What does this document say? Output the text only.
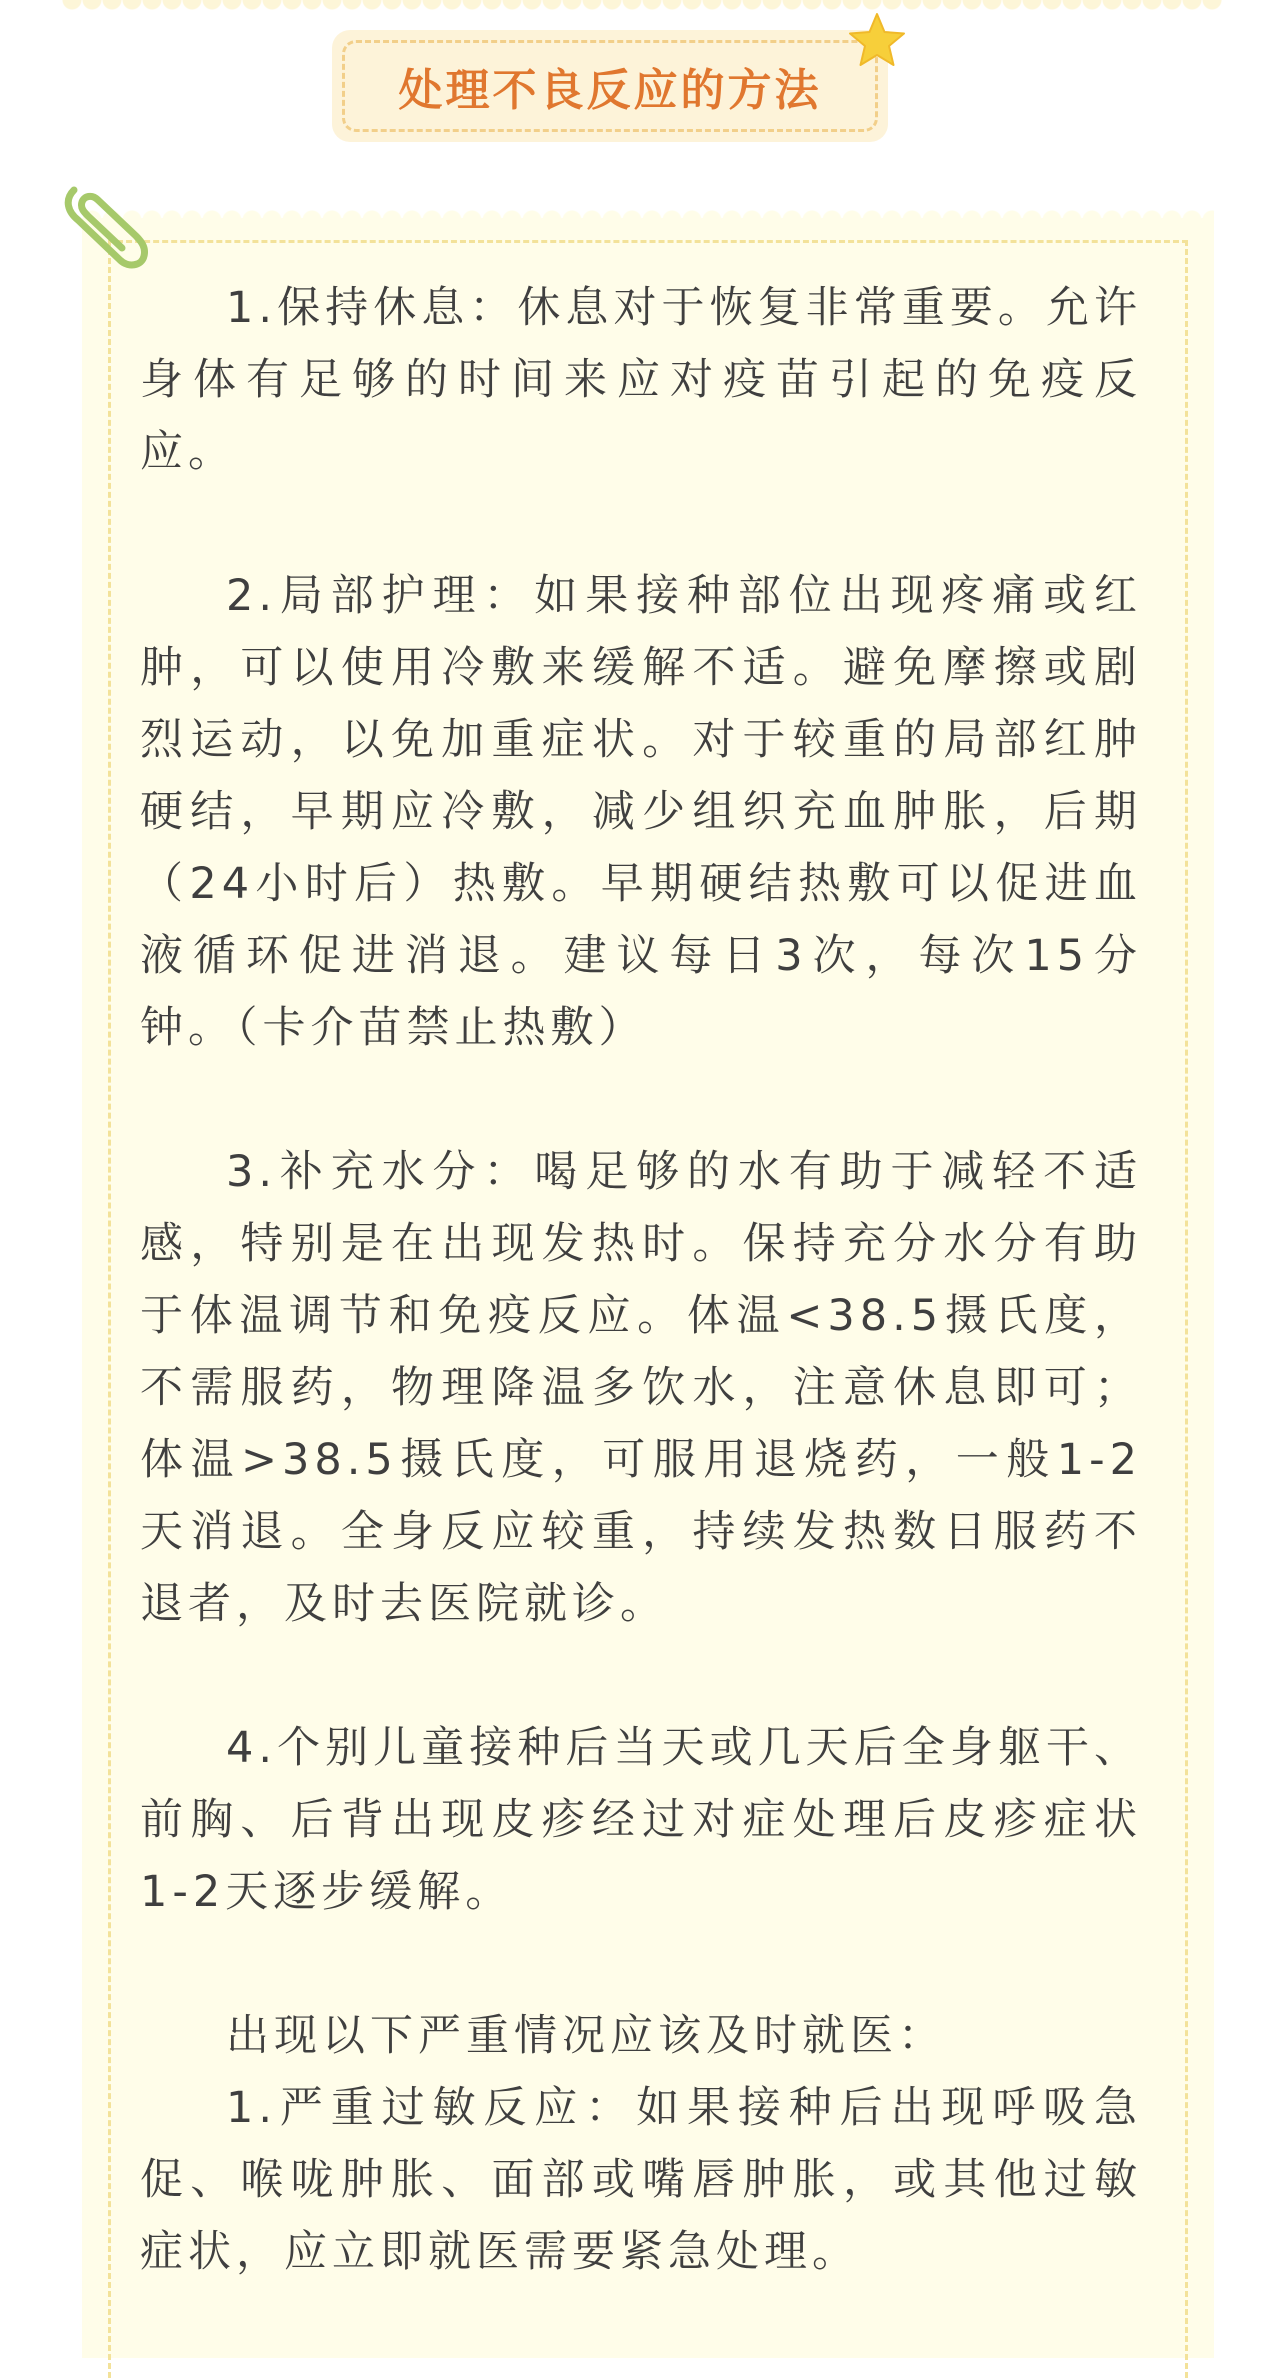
处理不良反应的方法

1.保持休息：休息对于恢复非常重要。允许身体有足够的时间来应对疫苗引起的免疫反应。

2.局部护理：如果接种部位出现疼痛或红肿，可以使用冷敷来缓解不适。避免摩擦或剧烈运动，以免加重症状。对于较重的局部红肿硬结，早期应冷敷，减少组织充血肿胀，后期（24小时后）热敷。早期硬结热敷可以促进血液循环促进消退。建议每日3次，每次15分钟。（卡介苗禁止热敷）

3.补充水分：喝足够的水有助于减轻不适感，特别是在出现发热时。保持充分水分有助于体温调节和免疫反应。体温<38.5摄氏度，不需服药，物理降温多饮水，注意休息即可；体温>38.5摄氏度，可服用退烧药，一般1-2天消退。全身反应较重，持续发热数日服药不退者，及时去医院就诊。

4.个别儿童接种后当天或几天后全身躯干、前胸、后背出现皮疹经过对症处理后皮疹症状1-2天逐步缓解。

出现以下严重情况应该及时就医：

1.严重过敏反应：如果接种后出现呼吸急促、喉咙肿胀、面部或嘴唇肿胀，或其他过敏症状，应立即就医需要紧急处理。
